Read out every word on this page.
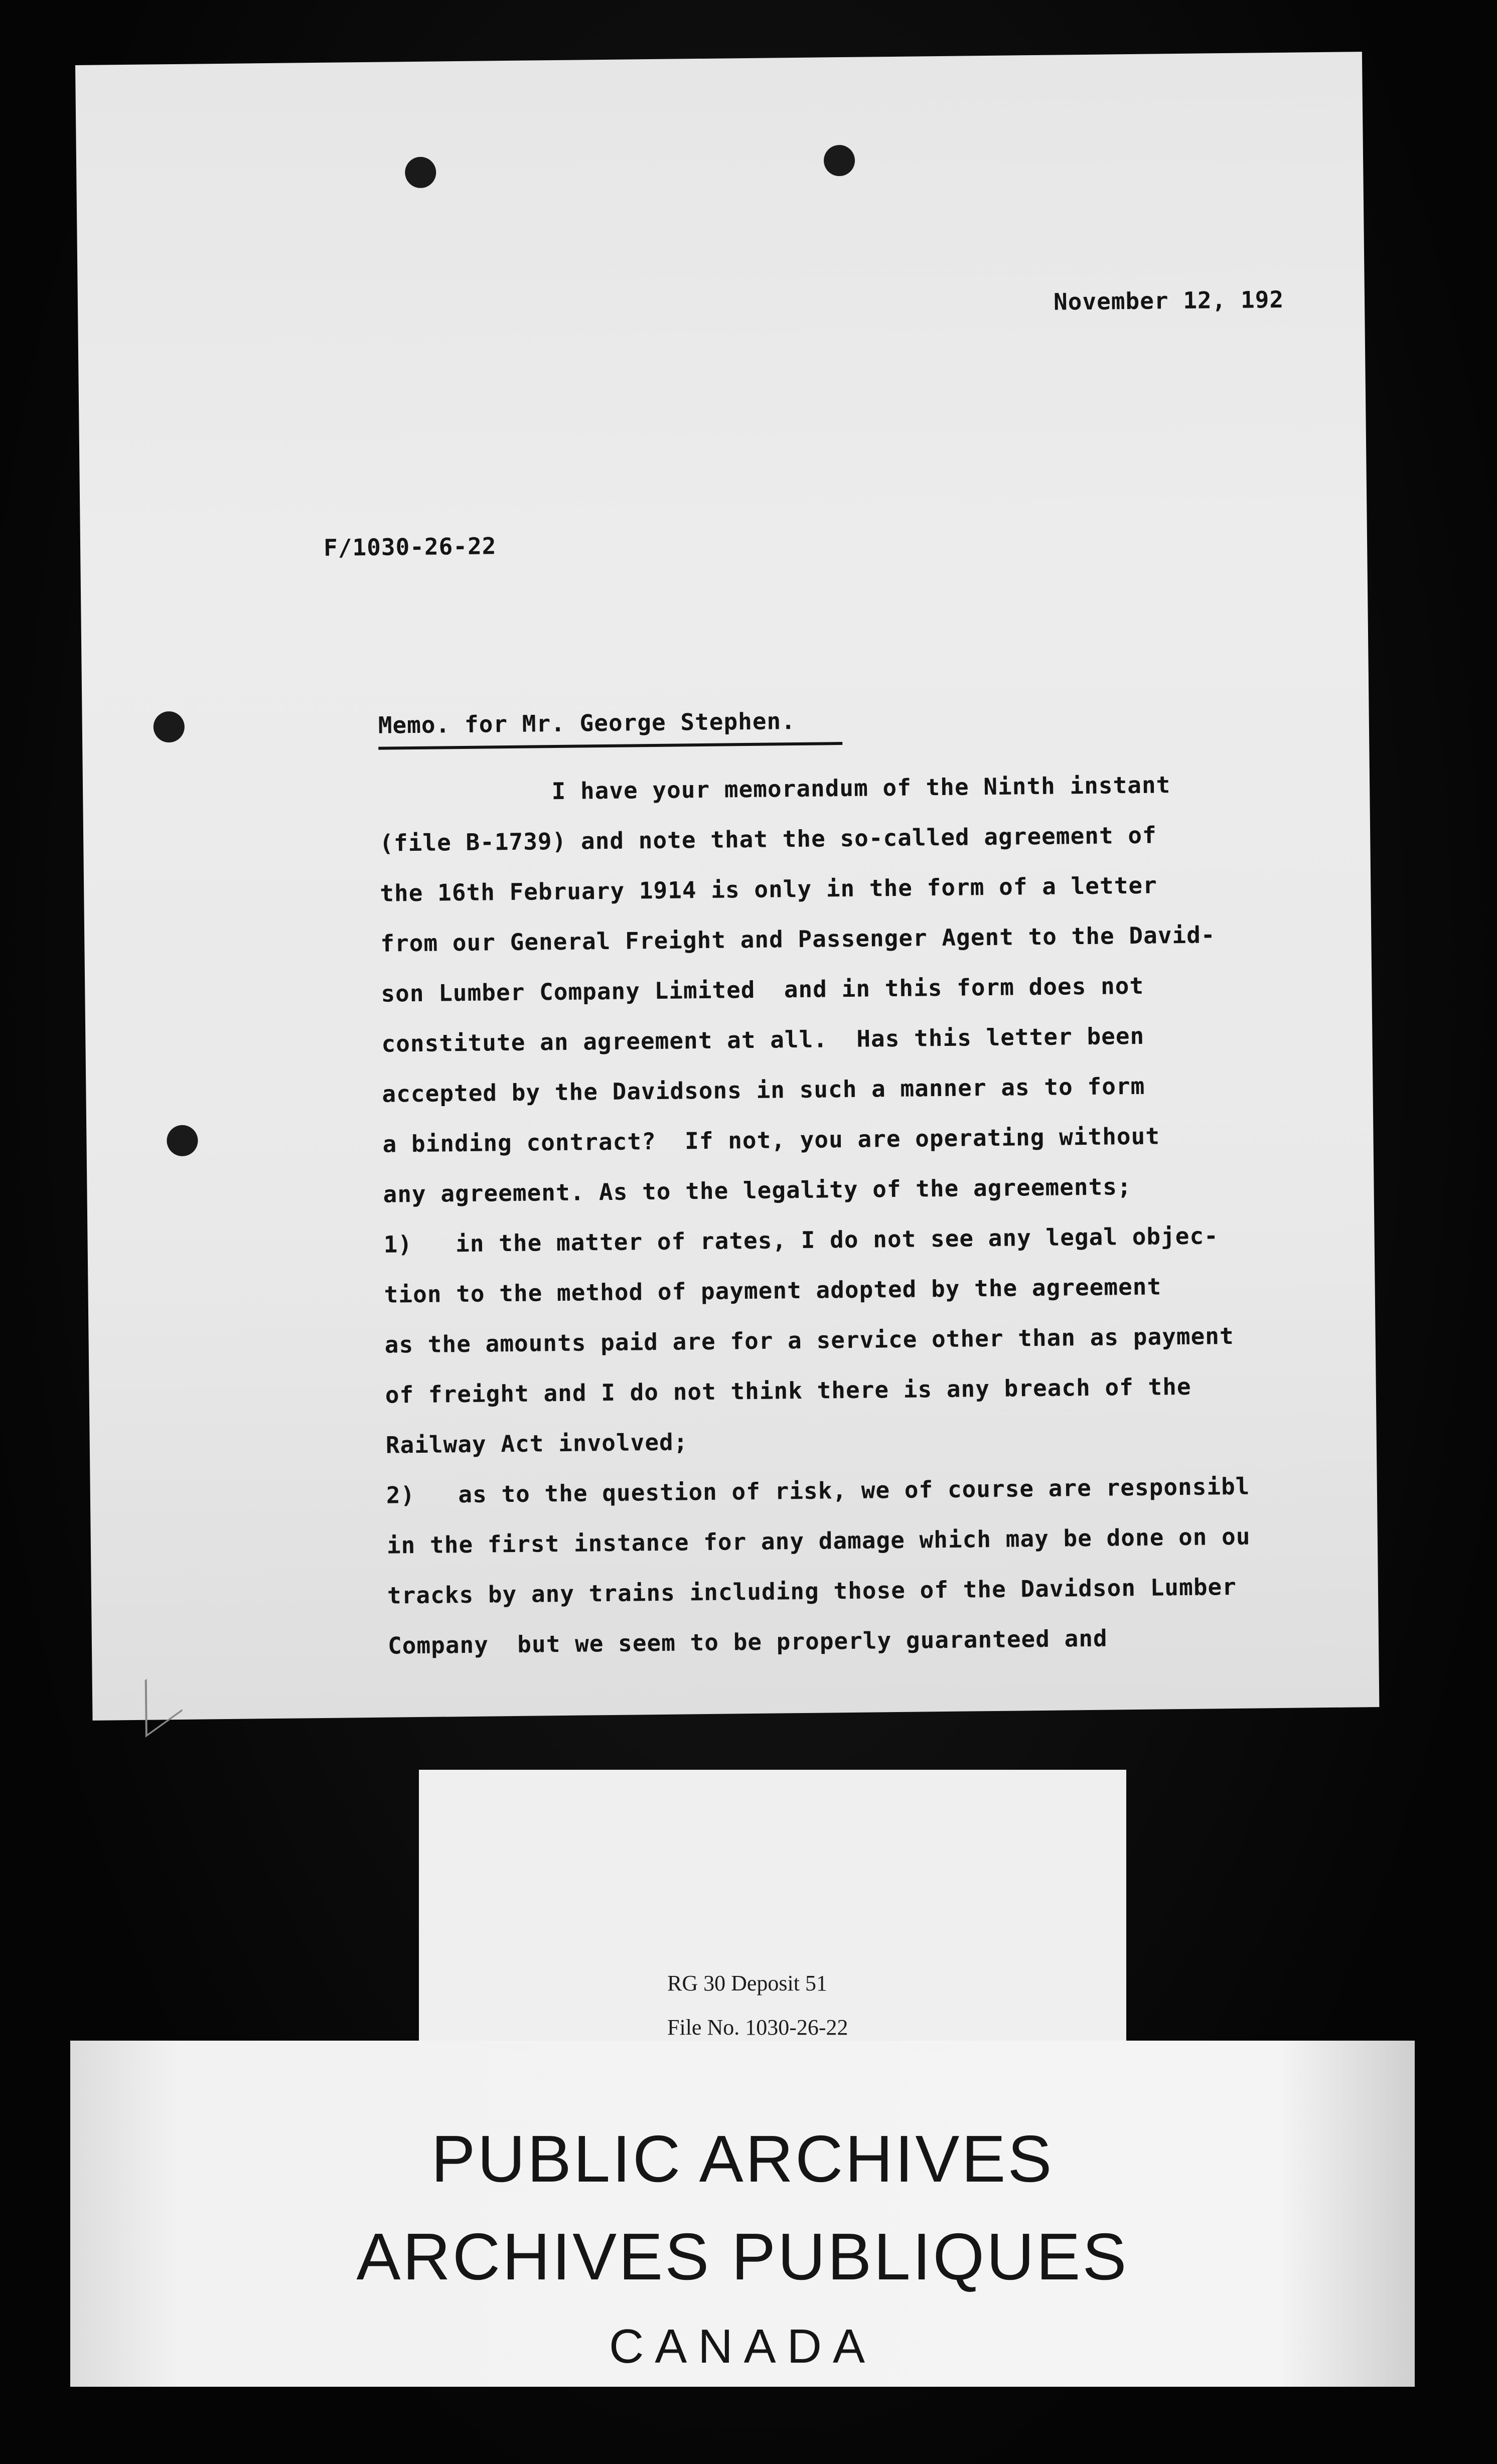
November 12, 192
F/1030-26-22
Memo. for Mr. George Stephen.
I have your memorandum of the Ninth instant
(file B-1739) and note that the so-called agreement of
the 16th February 1914 is only in the form of a letter
from our General Freight and Passenger Agent to the David-
son Lumber Company Limited  and in this form does not
constitute an agreement at all.  Has this letter been
accepted by the Davidsons in such a manner as to form
a binding contract?  If not, you are operating without
any agreement. As to the legality of the agreements;
1)   in the matter of rates, I do not see any legal objec-
tion to the method of payment adopted by the agreement
as the amounts paid are for a service other than as payment
of freight and I do not think there is any breach of the
Railway Act involved;
2)   as to the question of risk, we of course are responsibl
in the first instance for any damage which may be done on ou
tracks by any trains including those of the Davidson Lumber
Company  but we seem to be properly guaranteed and
RG 30 Deposit 51
File No. 1030-26-22
PUBLIC ARCHIVES
ARCHIVES PUBLIQUES
CANADA
